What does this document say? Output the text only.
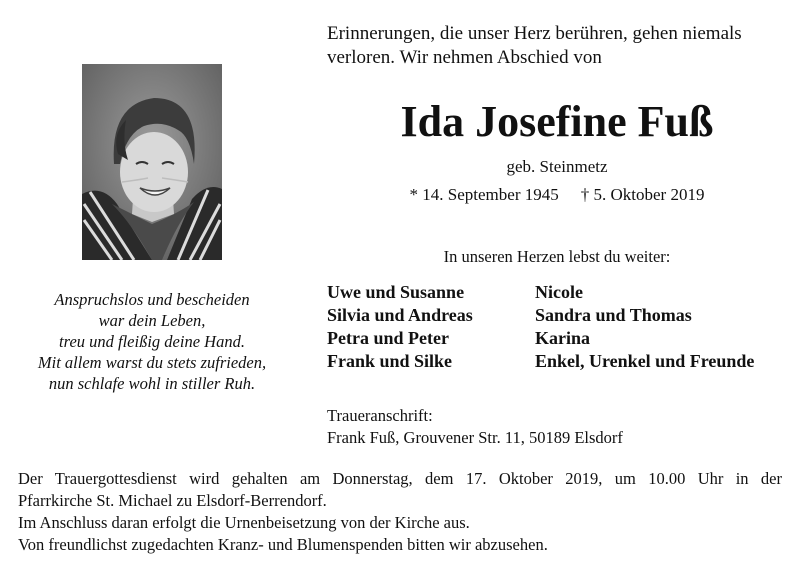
Erinnerungen, die unser Herz berühren, gehen niemals
verloren. Wir nehmen Abschied von
Anspruchslos und bescheiden
war dein Leben,
treu und fleißig deine Hand.
Mit allem warst du stets zufrieden,
nun schlafe wohl in stiller Ruh.
Ida Josefine Fuß
geb. Steinmetz
* 14. September 1945 † 5. Oktober 2019
In unseren Herzen lebst du weiter:
Uwe und Susanne
Silvia und Andreas
Petra und Peter
Frank und Silke
Nicole
Sandra und Thomas
Karina
Enkel, Urenkel und Freunde
Traueranschrift:
Frank Fuß, Grouvener Str. 11, 50189 Elsdorf
Der Trauergottesdienst wird gehalten am Donnerstag, dem 17. Oktober 2019, um 10.00 Uhr in der
Pfarrkirche St. Michael zu Elsdorf-Berrendorf.
Im Anschluss daran erfolgt die Urnenbeisetzung von der Kirche aus.
Von freundlichst zugedachten Kranz- und Blumenspenden bitten wir abzusehen.
